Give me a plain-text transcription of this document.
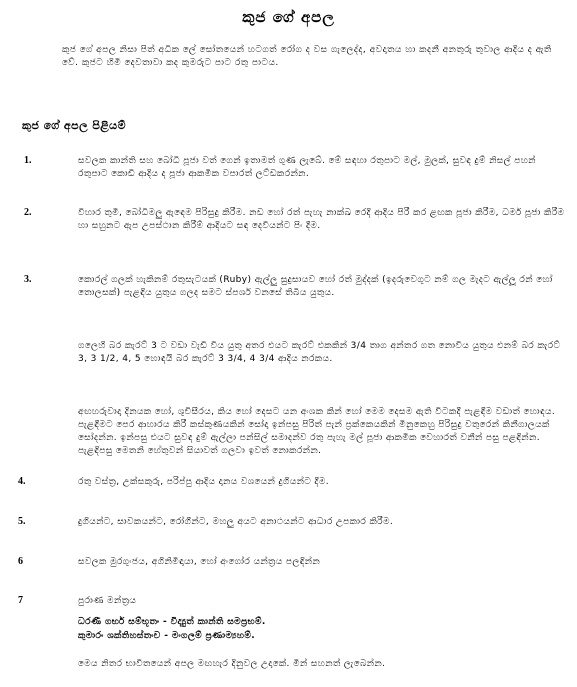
කුජ ගේ අපල
කුජ ගේ අපල නිසා පිත් අධික ලේ සෝතයෙන් හටගත් රෝග ද වස ගැලෙද්ද, අවදාතය හා කදනී අනතුරු තුවාල ආදිය ද ඇති වේ. කුජට හිමි දෙවතාවා කද කුමරුට පාට රතු පාටය.
කුජ ගේ අපල පිළියම්
1.	සවලක කාන්ති සහ බෝධි පූජා වත් ගෙන් ඉතාමත් ගුණ ලැබේ. මේ සඳහා රතුපාට මල්, මුලක්, සුවඳ දුම් නිසල් පහන් රතුපාට කොඩි ආදිය ද පූජා ආකමික වපාරත් ලට්ඩකරන්න.
2.	විහාර තුමි, බෝධිමලු ඇඳෙම පිරිසුදු කිරීම. නඩ හෝ රත් පැහැ නාක්ඛ රෙදි ආදිය පිරී කර ළඟක පූජා කිරීම, ධර්ම පූජා කිරීම හා සහුනට ඇප උපස්ථාන කිරීම් ආදියට සඳ දෙවියන්ට පිං දීම.
3.	කොරල් ගලක් හැකිනම් රතුසැටයක් (Ruby) ඇල්ලු සුදුසායව හෝ රත් මුද්දක් (ඉදරුවෙගුට නම් ගල මැදට ඇල්ලූ රන් හෝ තොලසක්) පැළඳිය යුතුය ගලද සමට ස්පර්ශ වනසේ තිබිය යුතුය.
ගලෙහි බර කැරට් 3 ට වඩා වැඩි විය යුතු අතර එයට කැරට් එකකින් 3/4 තාග අන්තර ගත නොවිය යුතුය එනම් බර කැරට් 3, 3 1/2, 4, 5 හොඳයි බර කැරට් 3 3/4, 4 3/4 ආදිය නරකය.
අඟහරුවාදා දිනයක හෝ, ශුචිසීරය, කිය හෝ දෙසට යන අංශක කින් හෝ මෙම දෙසම ඇති විටකදී පැළඳීම වඩාත් හොඳය. පැළඳීමට පෙර ආහාරය කිරී කස්කුණයකින් සෝදා ඉන්පසු පිරිත් පැන් ප්‍රක්කෙයකින් මිනුකෙහු පිරිසුදු වතුරෙන් කිනීගාලයක් සෝදන්න. ඉන්පසු එයට සුවඳ දුම් ඇල්ලා පන්සිල් සමාදන්ව රතු පැහැ මල් පූජා ආකමික වෙහාරත් වනීන් පසු පළඳින්න. පැළඳිපසු මෙතනි හේතුවන් සියාවත් ගලවා ඉවත් නොකරන්න.
4.	රතු වස්ත්‍ර, උක්සකුරු, පරිප්පු ආදිය දානය වශයෙන් දුගියන්ට දීම.
5.	දුගියන්ට, සාවකයන්ට, රෝගීන්ට, මහලු අයට අනාථයන්ට ආධාර උපකාර කිරීම.
6	සවලක මුරගුංජය, අගිනිමිඳායා, හෝ අංගෝර යන්ත්‍රය පලඳින්න
7	පුරාණ මන්ත්‍රය
ධරණී ගර්භ සම්භූතං - විද්‍යුත් කාන්ති සමප්‍රභම්.
කුමාරං ශක්තිහස්තංච - මංගලම් ප්‍රණාම්‍යහම්.
මෙය නිතර භාවිතයෙන් අපල මඟහැර දිනුවල උදාකේ. මින් සහනත් ලැබෙන්න.
